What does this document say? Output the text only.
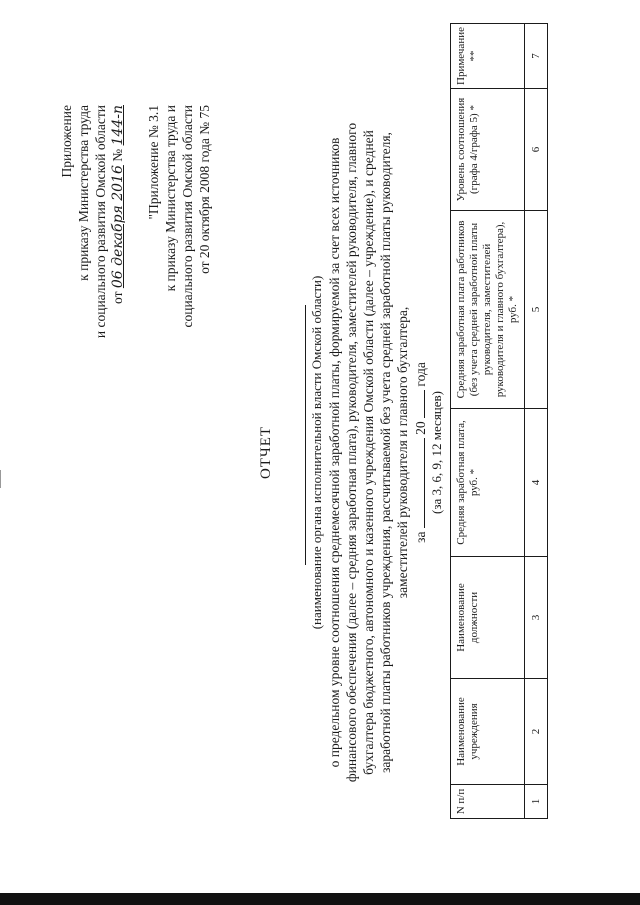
Приложение к приказу Министерства труда и социального развития Омской области от 06 декабря 2016 № 144-п "Приложение № 3.1 к приказу Министерства труда и социального развития Омской области от 20 октября 2008 года № 75
ОТЧЕТ	(наименование органа исполнительной власти Омской области) о предельном уровне соотношения среднемесячной заработной платы, формируемой за счет всех источников финансового обеспечения (далее – средняя заработная плата), руководителя, заместителей руководителя, главного бухгалтера бюджетного, автономного и казенного учреждения Омской области (далее – учреждение), и средней заработной платы работников учреждения, рассчитываемой без учета средней заработной платы руководителя, заместителей руководителя и главного бухгалтера, за  20  года
(за 3, 6, 9, 12 месяцев)
N п/п	Наименование учреждения	Наименование должности	Средняя заработная плата, руб. *	Средняя заработная плата работников (без учета средней заработной платы руководителя, заместителей руководителя и главного бухгалтера), руб. *	Уровень соотношения (графа 4/графа 5) *	Примечание **
1	2	3	4	5	6	7
